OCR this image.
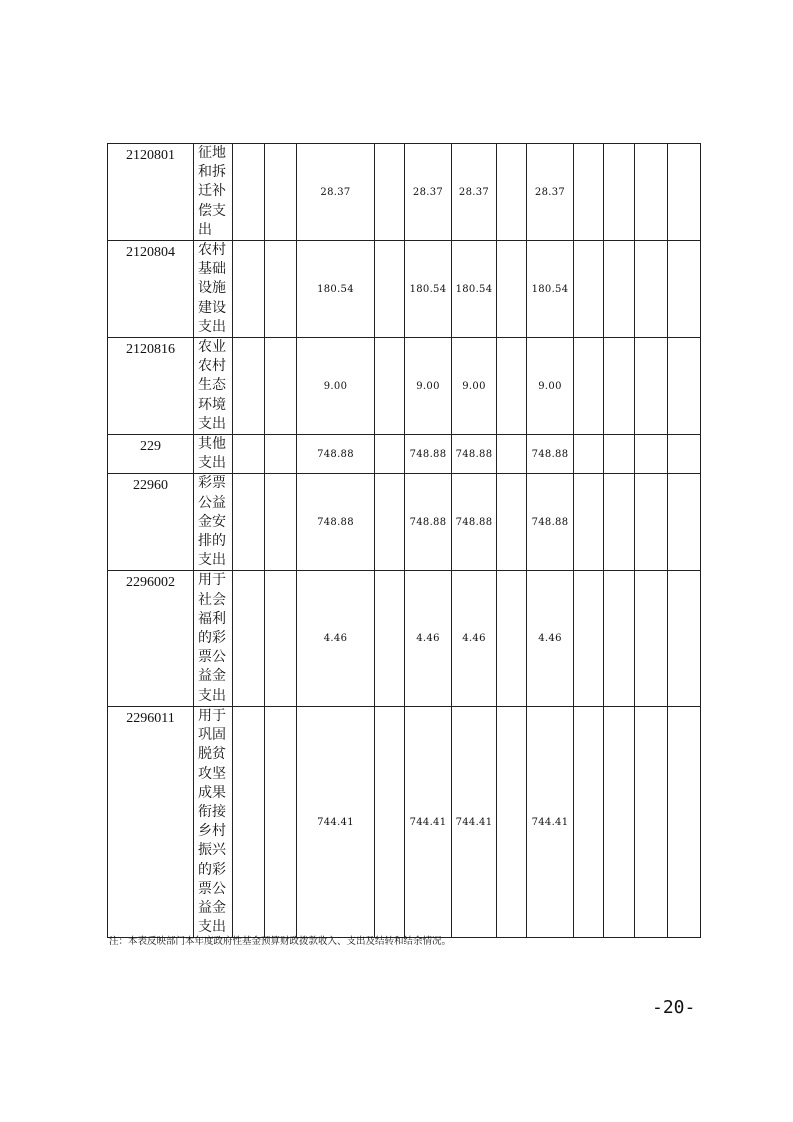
2120801	征地和拆迁补偿支出			28.37		28.37	28.37		28.37				
2120804	农村基础设施建设支出			180.54		180.54	180.54		180.54				
2120816	农业农村生态环境支出			9.00		9.00	9.00		9.00				
229	其他支出			748.88		748.88	748.88		748.88				
22960	彩票公益金安排的支出			748.88		748.88	748.88		748.88				
2296002	用于社会福利的彩票公益金支出			4.46		4.46	4.46		4.46				
2296011	用于巩固脱贫攻坚成果衔接乡村振兴的彩票公益金支出			744.41		744.41	744.41		744.41				
注：本表反映部门本年度政府性基金预算财政拨款收入、支出及结转和结余情况。
-20-
